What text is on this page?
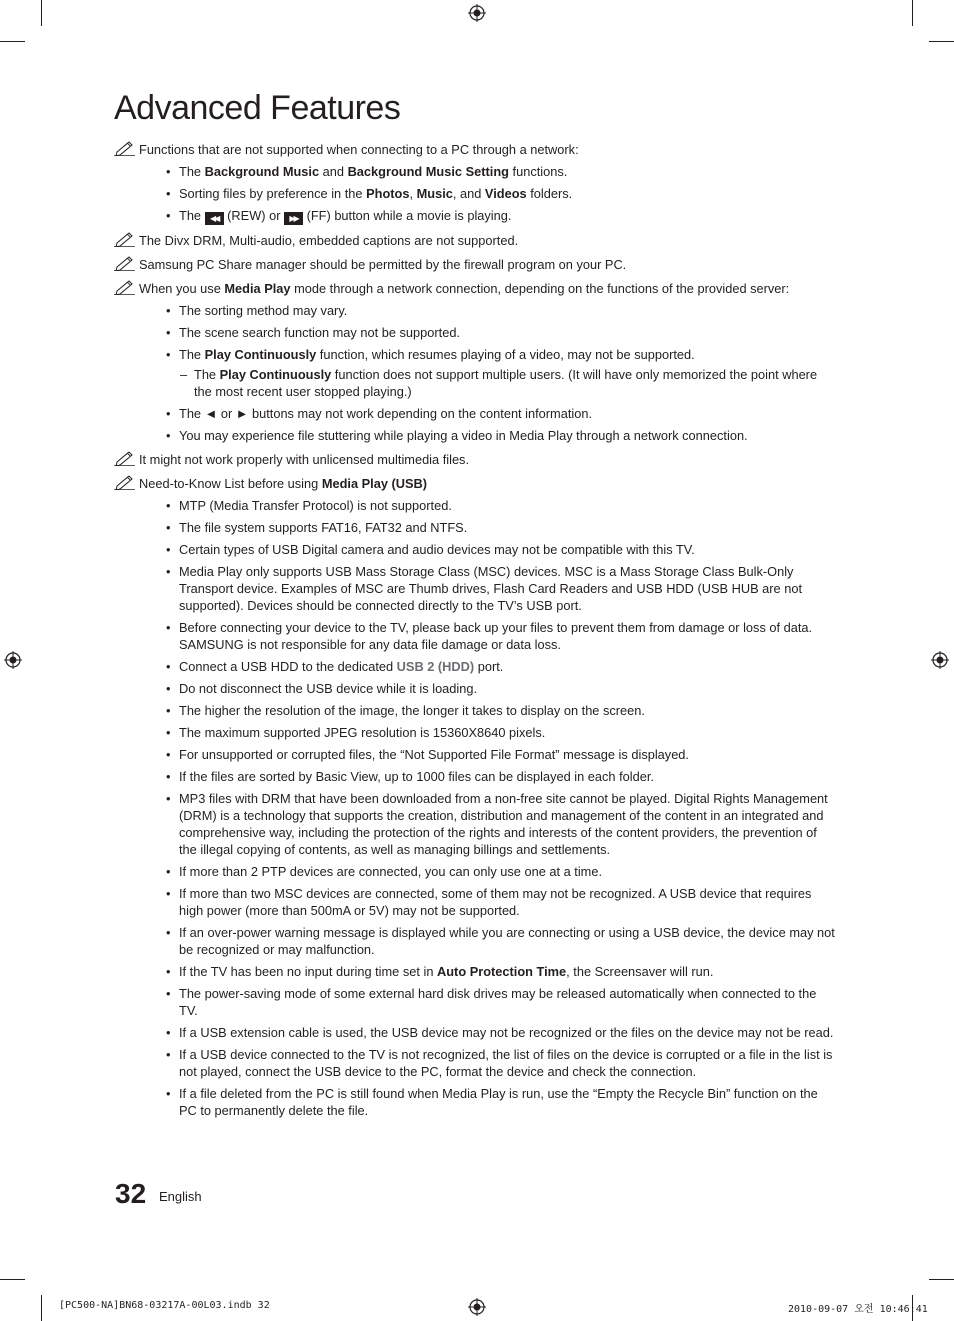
Advanced Features
Functions that are not supported when connecting to a PC through a network:
• The Background Music and Background Music Setting functions.
• Sorting files by preference in the Photos, Music, and Videos folders.
• The ◀◀ (REW) or ▶▶ (FF) button while a movie is playing.
The Divx DRM, Multi-audio, embedded captions are not supported.
Samsung PC Share manager should be permitted by the firewall program on your PC.
When you use Media Play mode through a network connection, depending on the functions of the provided server:
• The sorting method may vary.
• The scene search function may not be supported.
• The Play Continuously function, which resumes playing of a video, may not be supported.
– The Play Continuously function does not support multiple users. (It will have only memorized the point where the most recent user stopped playing.)
• The ◄ or ► buttons may not work depending on the content information.
• You may experience file stuttering while playing a video in Media Play through a network connection.
It might not work properly with unlicensed multimedia files.
Need-to-Know List before using Media Play (USB)
• MTP (Media Transfer Protocol) is not supported.
• The file system supports FAT16, FAT32 and NTFS.
• Certain types of USB Digital camera and audio devices may not be compatible with this TV.
• Media Play only supports USB Mass Storage Class (MSC) devices. MSC is a Mass Storage Class Bulk-Only Transport device. Examples of MSC are Thumb drives, Flash Card Readers and USB HDD (USB HUB are not supported). Devices should be connected directly to the TV’s USB port.
• Before connecting your device to the TV, please back up your files to prevent them from damage or loss of data. SAMSUNG is not responsible for any data file damage or data loss.
• Connect a USB HDD to the dedicated USB 2 (HDD) port.
• Do not disconnect the USB device while it is loading.
• The higher the resolution of the image, the longer it takes to display on the screen.
• The maximum supported JPEG resolution is 15360X8640 pixels.
• For unsupported or corrupted files, the “Not Supported File Format” message is displayed.
• If the files are sorted by Basic View, up to 1000 files can be displayed in each folder.
• MP3 files with DRM that have been downloaded from a non-free site cannot be played. Digital Rights Management (DRM) is a technology that supports the creation, distribution and management of the content in an integrated and comprehensive way, including the protection of the rights and interests of the content providers, the prevention of the illegal copying of contents, as well as managing billings and settlements.
• If more than 2 PTP devices are connected, you can only use one at a time.
• If more than two MSC devices are connected, some of them may not be recognized. A USB device that requires high power (more than 500mA or 5V) may not be supported.
• If an over-power warning message is displayed while you are connecting or using a USB device, the device may not be recognized or may malfunction.
• If the TV has been no input during time set in Auto Protection Time, the Screensaver will run.
• The power-saving mode of some external hard disk drives may be released automatically when connected to the TV.
• If a USB extension cable is used, the USB device may not be recognized or the files on the device may not be read.
• If a USB device connected to the TV is not recognized, the list of files on the device is corrupted or a file in the list is not played, connect the USB device to the PC, format the device and check the connection.
• If a file deleted from the PC is still found when Media Play is run, use the “Empty the Recycle Bin” function on the PC to permanently delete the file.
32 English
[PC500-NA]BN68-03217A-00L03.indb 32	2010-09-07 오전 10:46:41
